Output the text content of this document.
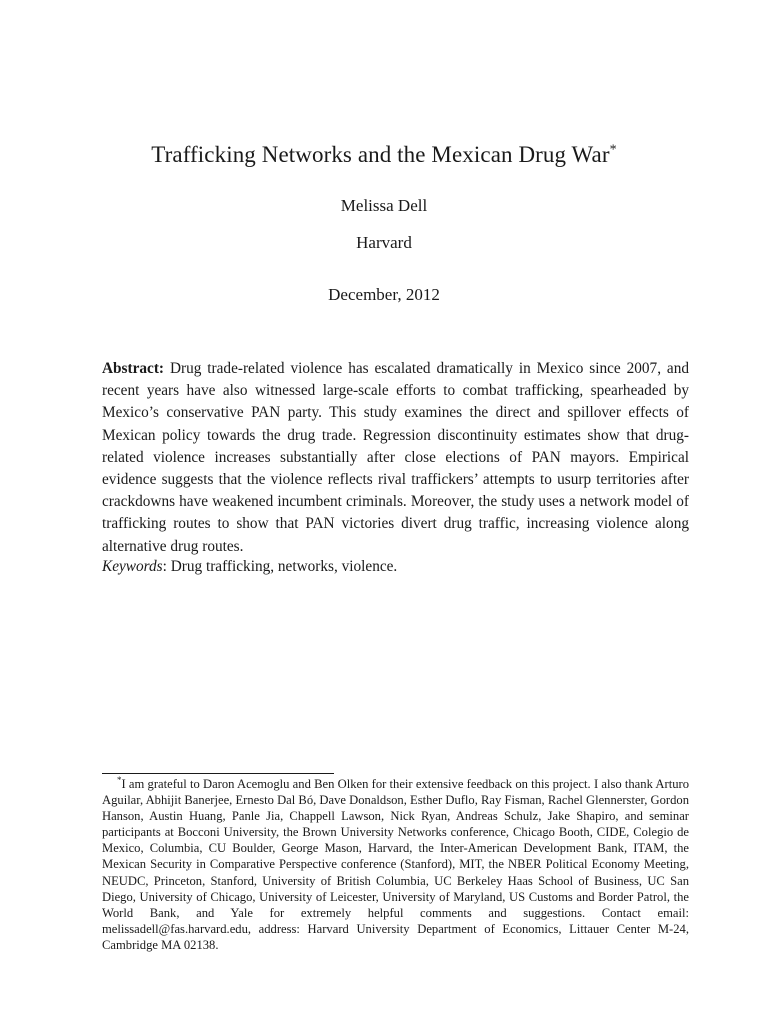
Trafficking Networks and the Mexican Drug War*
Melissa Dell
Harvard
December, 2012
Abstract: Drug trade-related violence has escalated dramatically in Mexico since 2007, and recent years have also witnessed large-scale efforts to combat trafficking, spearheaded by Mexico’s conservative PAN party. This study examines the direct and spillover effects of Mexican policy towards the drug trade. Regression discontinuity estimates show that drug-related violence increases substantially after close elections of PAN mayors. Empirical evidence suggests that the violence reflects rival traffickers’ attempts to usurp territories after crackdowns have weakened incumbent criminals. Moreover, the study uses a network model of trafficking routes to show that PAN victories divert drug traffic, increasing violence along alternative drug routes.
Keywords: Drug trafficking, networks, violence.
*I am grateful to Daron Acemoglu and Ben Olken for their extensive feedback on this project. I also thank Arturo Aguilar, Abhijit Banerjee, Ernesto Dal Bó, Dave Donaldson, Esther Duflo, Ray Fisman, Rachel Glennerster, Gordon Hanson, Austin Huang, Panle Jia, Chappell Lawson, Nick Ryan, Andreas Schulz, Jake Shapiro, and seminar participants at Bocconi University, the Brown University Networks conference, Chicago Booth, CIDE, Colegio de Mexico, Columbia, CU Boulder, George Mason, Harvard, the Inter-American Development Bank, ITAM, the Mexican Security in Comparative Perspective conference (Stanford), MIT, the NBER Political Economy Meeting, NEUDC, Princeton, Stanford, University of British Columbia, UC Berkeley Haas School of Business, UC San Diego, University of Chicago, University of Leicester, University of Maryland, US Customs and Border Patrol, the World Bank, and Yale for extremely helpful comments and suggestions. Contact email: melissadell@fas.harvard.edu, address: Harvard University Department of Economics, Littauer Center M-24, Cambridge MA 02138.
